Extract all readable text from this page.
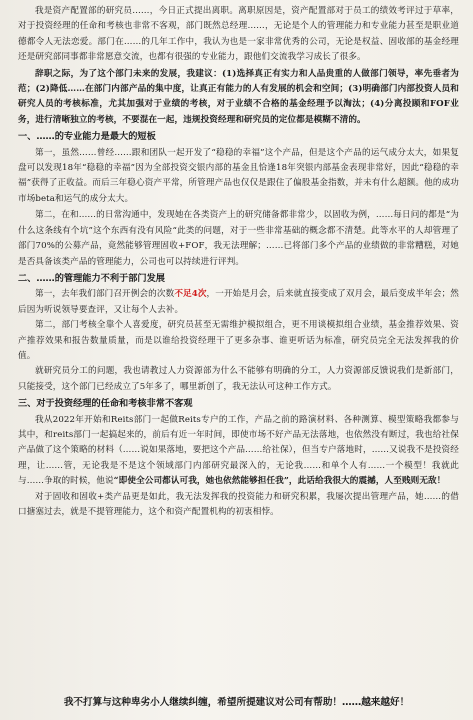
我是资产配置部的研究员……，今日正式提出离职。离职原因是，资产配置部对于员工的绩效考评过于草率，对于投资经理的任命和考核也非常不客观，部门既然总经理……，无论是个人的管理能力和专业能力甚至是职业道德都令人无法恋爱。部门在……的几年工作中，我认为也是一家非常优秀的公司，无论是权益、固收部的基金经理还是研究部同事都非常愿意交流，也都有很强的专业能力，跟他们交流我学习成长了很多。

辞职之际，为了这个部门未来的发展，我建议：(1)选择真正有实力和人品贵重的人做部门领导，率先垂者为范；(2)降低……在部门内部产品的集中度，让真正有能力的人有发展的机会和空间；(3)明确部门内部投资人员和研究人员的考核标准，尤其加强对于业绩的考核，对于业绩不合格的基金经理予以淘汰；(4)分离投顾和FOF业务，进行清晰独立的考核，不要混在一起，违规投资经理和研究员的定位都是模糊不清的。

一、……的专业能力是最大的短板

第一，虽然……曾经……跟和团队一起开发了“稳稳的幸福”这个产品，但是这个产品的运气成分太大，如果复盘可以发现18年“稳稳的幸福”因为全部投资交银内部的基金且恰逢18年突银内部基金表现非常好，因此“稳稳的幸福”获得了正收益。而后三年稳心资产平常，所管理产品也仅仅是跟住了偏股基金指数，并未有什么超额。他的成功市场beta和运气的成分太大。

第二，在和……的日常沟通中，发现她在各类资产上的研究储备都非常少，以固收为例，……每日问的都是“为什么这条线有个坑”这个东西有没有风险“此类的问题，对于一些非常基础的概念都不清楚。此等水平的人却管理了部门70%的公募产品，竟然能够管理固收+FOF，我无法理解；……已将部门多个产品的业绩做的非常糟糕，对她是否具备该类产品的管理能力，公司也可以持续进行评判。

二、……的管理能力不利于部门发展

第一，去年我们部门召开例会的次数不足4次，一开始是月会，后来就直接变成了双月会，最后变成半年会；然后因为听说领导要查评，又让每个人去补。

第二，部门考核全靠个人喜爱度，研究员甚至无需维护模拟组合，更不用谈模拟组合业绩，基金推荐效果、资产推荐效果和报告数量质量，而是以谁给投资经理干了更多杂事、谁更听话为标准，研究员完全无法发挥我的价值。

就研究员分工的问题，我也请教过人力资源部为什么不能够有明确的分工，人力资源部反馈说我们是新部门，只能接受，这个部门已经成立了5年多了，哪里新创了，我无法认可这种工作方式。

三、对于投资经理的任命和考核非常不客观

我从2022年开始和Reits部门一起做Reits专户的工作，产品之前的路演材料、各种测算、模型策略我都参与其中，和reits部门一起搞起来的，前后有近一年时间，即使市场不好产品无法落地，也依然没有断过，我也给社保产品做了这个策略的材料（……说如果落地，要把这个产品……给社保），但当专户落地时，……又说我不是投资经理，让……管，无论我是不是这个领域部门内部研究最深入的，无论我……和单个人有……一个模型！我就此与……争取的时候，他说“即使全公司都认可我，她也依然能够担任我”，此话给我很大的震撼，人至贱则无敌！

对于固收和固收+类产品更是如此，我无法发挥我的投资能力和研究积累，我屡次提出管理产品，她……的借口搪塞过去，就是不提管理能力，这个和资产配置机构的初衷相悖。

我不打算与这种卑劣小人继续纠缠，希望所提建议对公司有帮助！……越来越好！
